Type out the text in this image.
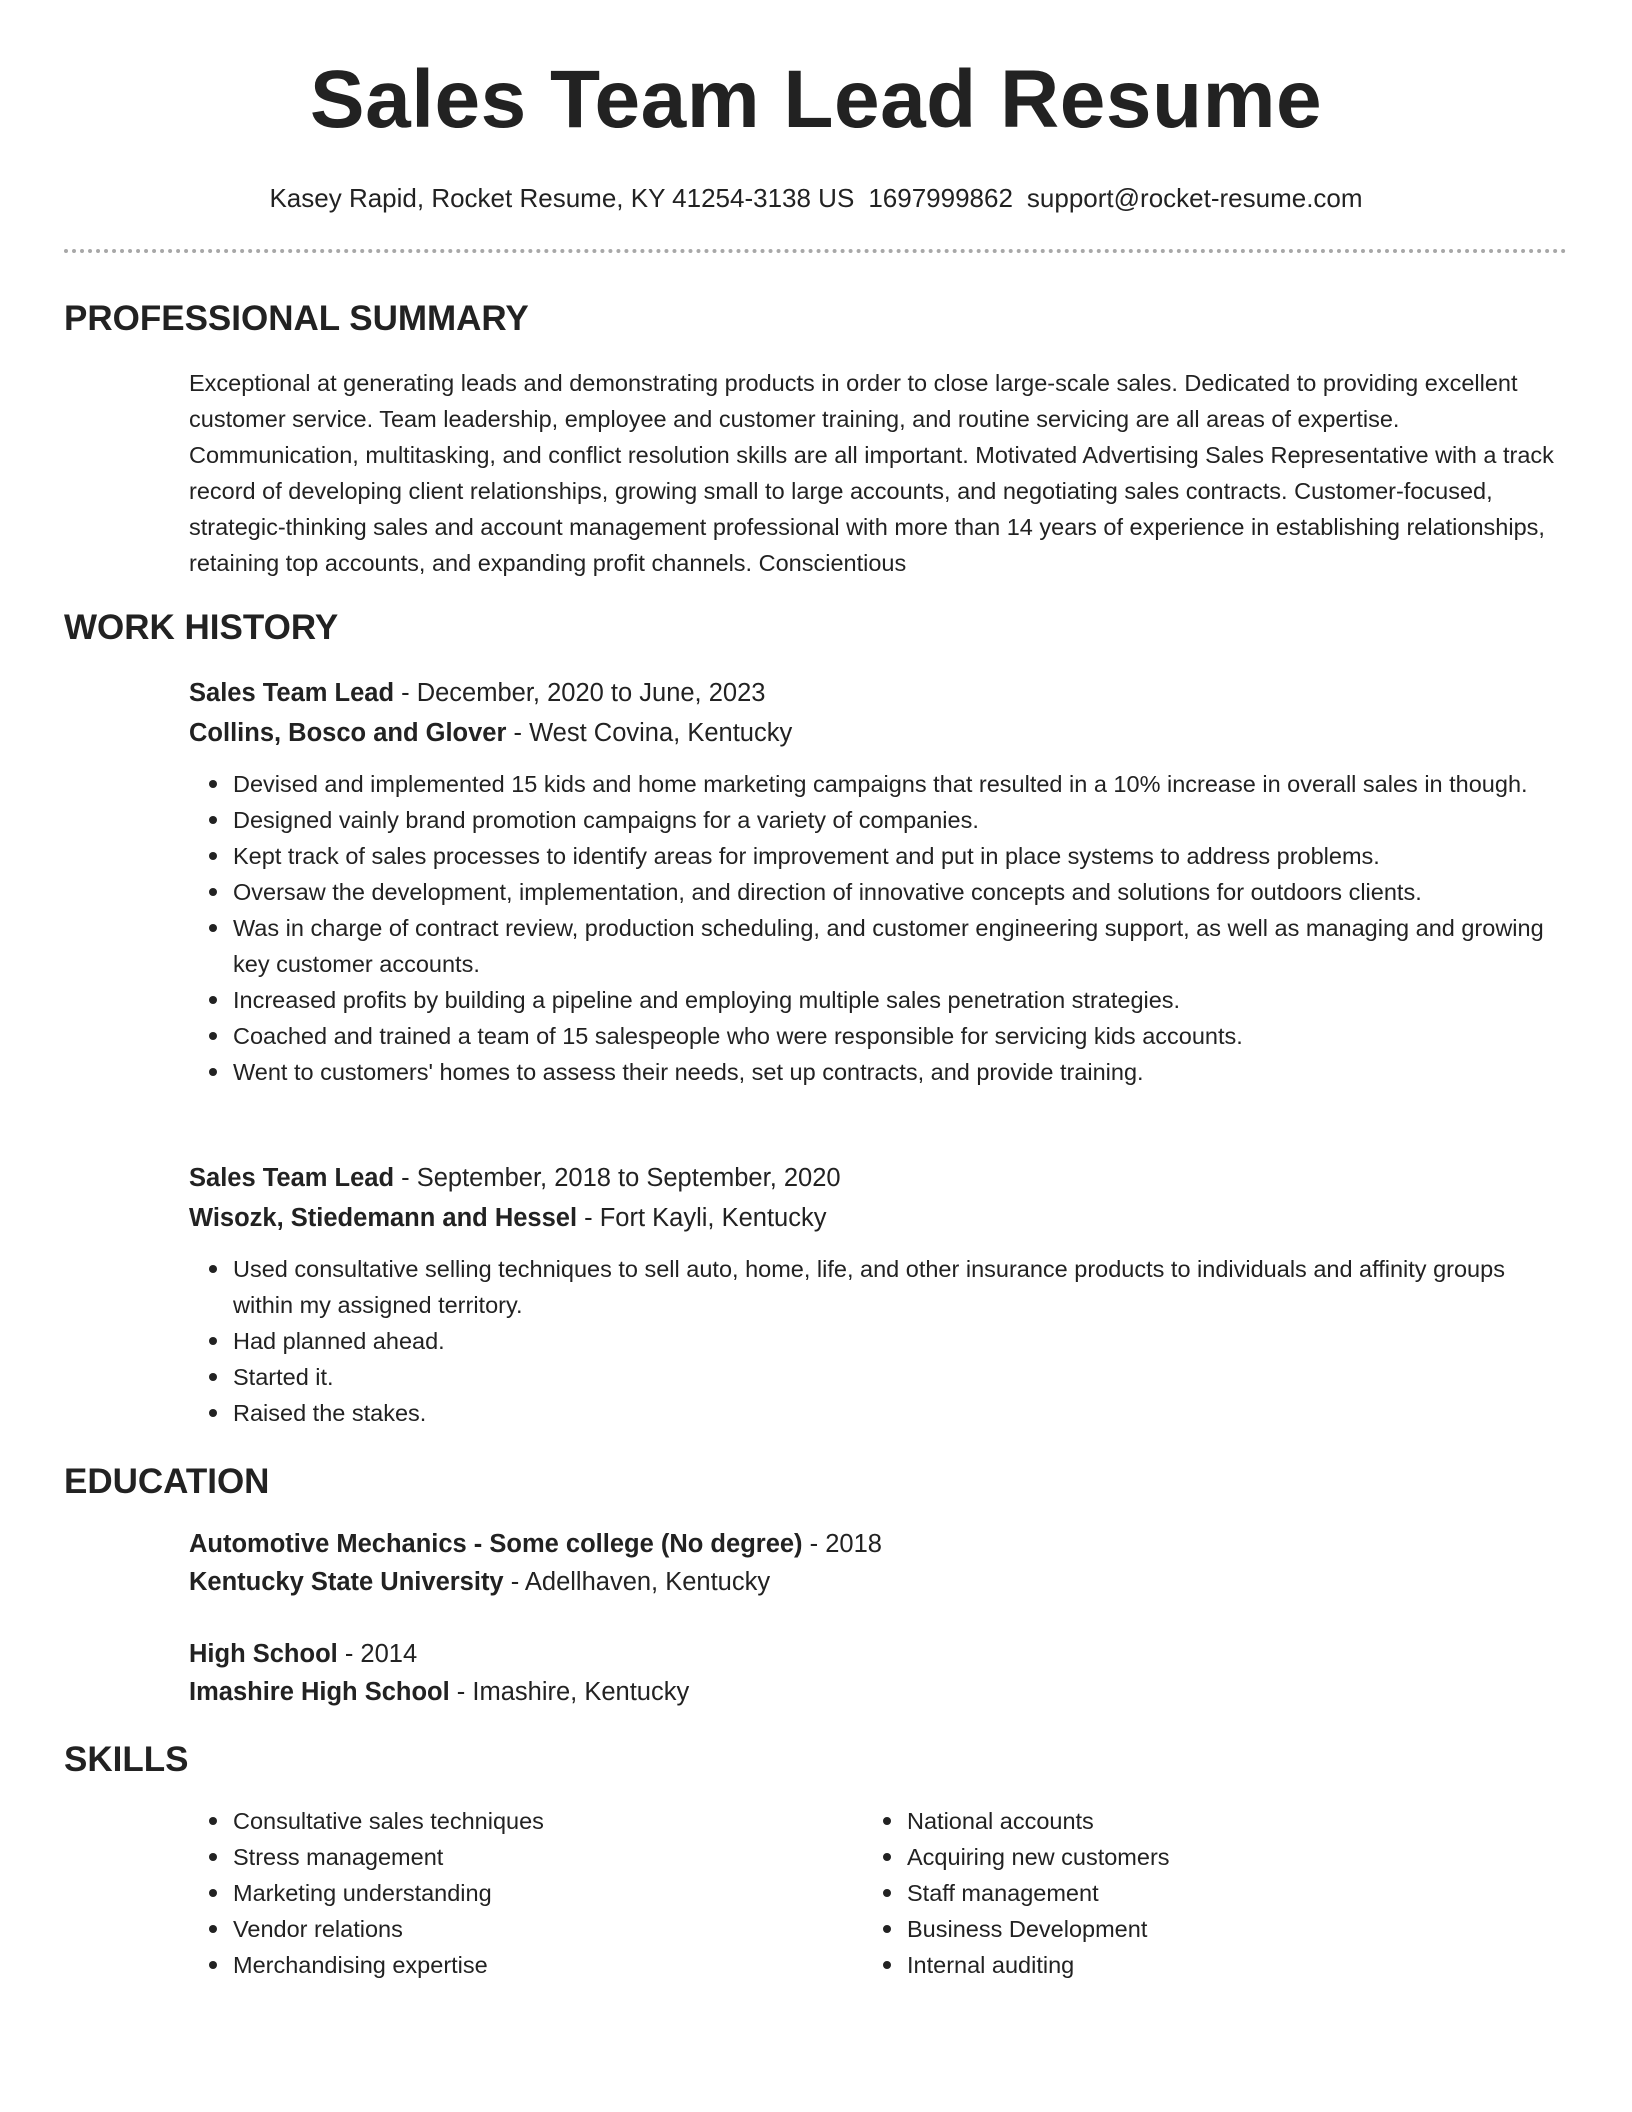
Sales Team Lead Resume
Kasey Rapid, Rocket Resume, KY 41254-3138 US 1697999862 support@rocket-resume.com
PROFESSIONAL SUMMARY

Exceptional at generating leads and demonstrating products in order to close large-scale sales. Dedicated to providing excellent customer service. Team leadership, employee and customer training, and routine servicing are all areas of expertise. Communication, multitasking, and conflict resolution skills are all important. Motivated Advertising Sales Representative with a track record of developing client relationships, growing small to large accounts, and negotiating sales contracts. Customer-focused, strategic-thinking sales and account management professional with more than 14 years of experience in establishing relationships, retaining top accounts, and expanding profit channels. Conscientious

WORK HISTORY

Sales Team Lead - December, 2020 to June, 2023

Collins, Bosco and Glover - West Covina, Kentucky

Devised and implemented 15 kids and home marketing campaigns that resulted in a 10% increase in overall sales in though.
Designed vainly brand promotion campaigns for a variety of companies.
Kept track of sales processes to identify areas for improvement and put in place systems to address problems.
Oversaw the development, implementation, and direction of innovative concepts and solutions for outdoors clients.
Was in charge of contract review, production scheduling, and customer engineering support, as well as managing and growing key customer accounts.
Increased profits by building a pipeline and employing multiple sales penetration strategies.
Coached and trained a team of 15 salespeople who were responsible for servicing kids accounts.
Went to customers' homes to assess their needs, set up contracts, and provide training.

Sales Team Lead - September, 2018 to September, 2020

Wisozk, Stiedemann and Hessel - Fort Kayli, Kentucky

Used consultative selling techniques to sell auto, home, life, and other insurance products to individuals and affinity groups within my assigned territory.
Had planned ahead.
Started it.
Raised the stakes.
EDUCATION

Automotive Mechanics - Some college (No degree) - 2018

Kentucky State University - Adellhaven, Kentucky

High School - 2014

Imashire High School - Imashire, Kentucky

SKILLS
Consultative sales techniques
Stress management
Marketing understanding
Vendor relations
Merchandising expertise
National accounts
Acquiring new customers
Staff management
Business Development
Internal auditing
